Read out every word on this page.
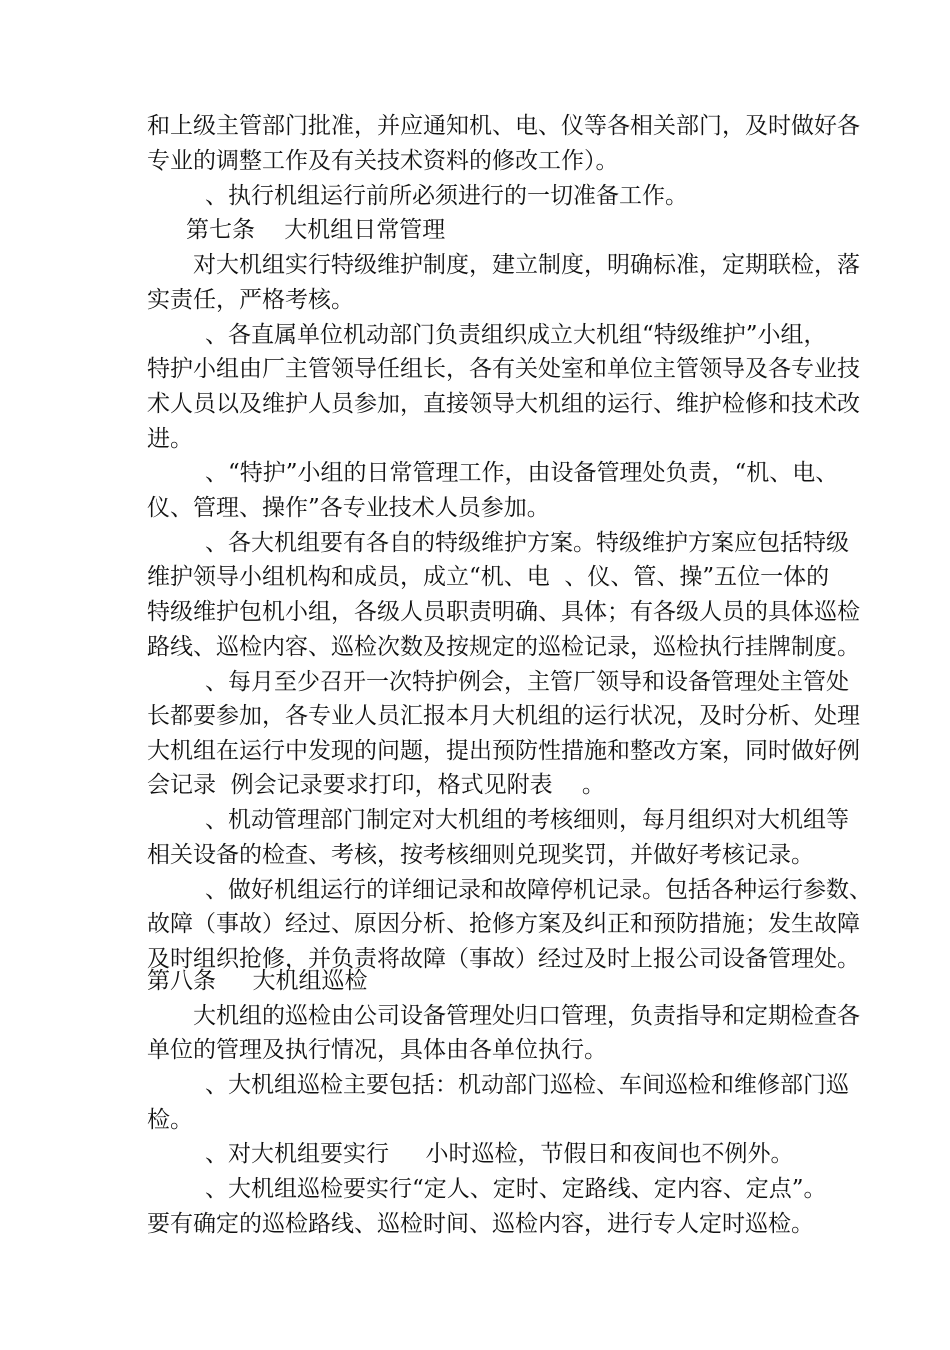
和上级主管部门批准，并应通知机、电、仪等各相关部门，及时做好各
专业的调整工作及有关技术资料的修改工作）。
、执行机组运行前所必须进行的一切准备工作。
第七条    大机组日常管理
对大机组实行特级维护制度，建立制度，明确标准，定期联检，落
实责任，严格考核。
、各直属单位机动部门负责组织成立大机组“特级维护”小组，
特护小组由厂主管领导任组长，各有关处室和单位主管领导及各专业技
术人员以及维护人员参加，直接领导大机组的运行、维护检修和技术改
进。
、“特护”小组的日常管理工作，由设备管理处负责，“机、电、
仪、管理、操作”各专业技术人员参加。
、各大机组要有各自的特级维护方案。特级维护方案应包括特级
维护领导小组机构和成员，成立“机、电  、仪、管、操”五位一体的
特级维护包机小组，各级人员职责明确、具体；有各级人员的具体巡检
路线、巡检内容、巡检次数及按规定的巡检记录，巡检执行挂牌制度。
、每月至少召开一次特护例会，主管厂领导和设备管理处主管处
长都要参加，各专业人员汇报本月大机组的运行状况，及时分析、处理
大机组在运行中发现的问题，提出预防性措施和整改方案，同时做好例
会记录  例会记录要求打印，格式见附表    。
、机动管理部门制定对大机组的考核细则，每月组织对大机组等
相关设备的检查、考核，按考核细则兑现奖罚，并做好考核记录。
、做好机组运行的详细记录和故障停机记录。包括各种运行参数、
故障（事故）经过、原因分析、抢修方案及纠正和预防措施；发生故障
及时组织抢修，并负责将故障（事故）经过及时上报公司设备管理处。
第八条     大机组巡检
大机组的巡检由公司设备管理处归口管理，负责指导和定期检查各
单位的管理及执行情况，具体由各单位执行。
、大机组巡检主要包括：机动部门巡检、车间巡检和维修部门巡
检。
、对大机组要实行     小时巡检，节假日和夜间也不例外。
、大机组巡检要实行“定人、定时、定路线、定内容、定点”。
要有确定的巡检路线、巡检时间、巡检内容，进行专人定时巡检。
